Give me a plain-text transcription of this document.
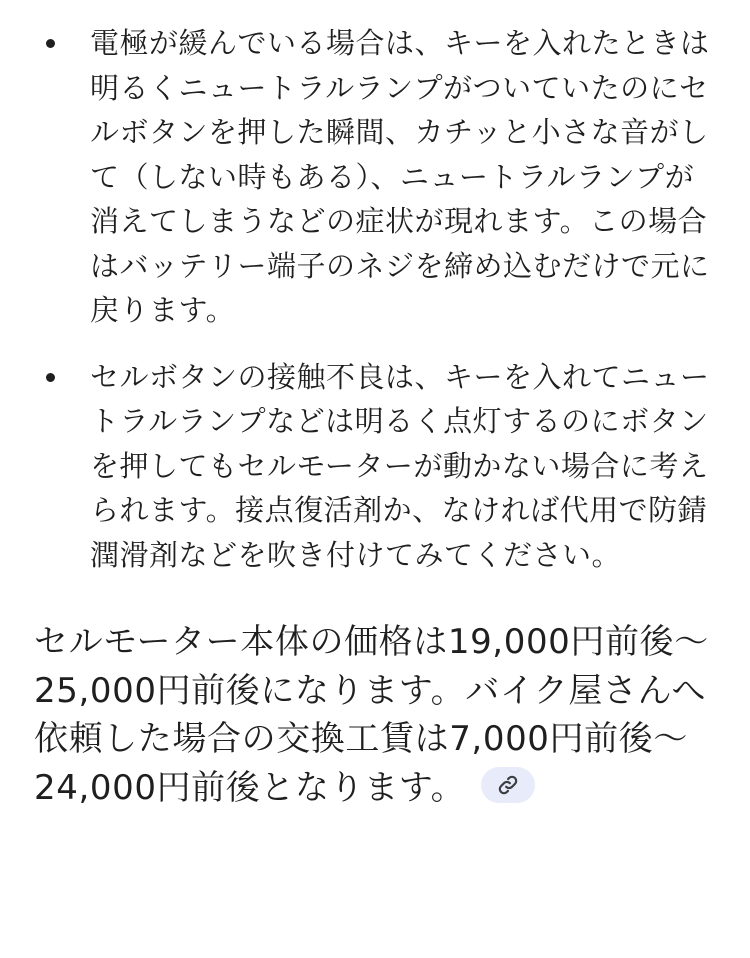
電極が緩んでいる場合は、キーを入れたときは明るくニュートラルランプがついていたのにセルボタンを押した瞬間、カチッと小さな音がして（しない時もある）、ニュートラルランプが消えてしまうなどの症状が現れます。この場合はバッテリー端子のネジを締め込むだけで元に戻ります。
セルボタンの接触不良は、キーを入れてニュートラルランプなどは明るく点灯するのにボタンを押してもセルモーターが動かない場合に考えられます。接点復活剤か、なければ代用で防錆潤滑剤などを吹き付けてみてください。

セルモーター本体の価格は19,000円前後〜25,000円前後になります。バイク屋さんへ依頼した場合の交換工賃は7,000円前後〜24,000円前後となります。
